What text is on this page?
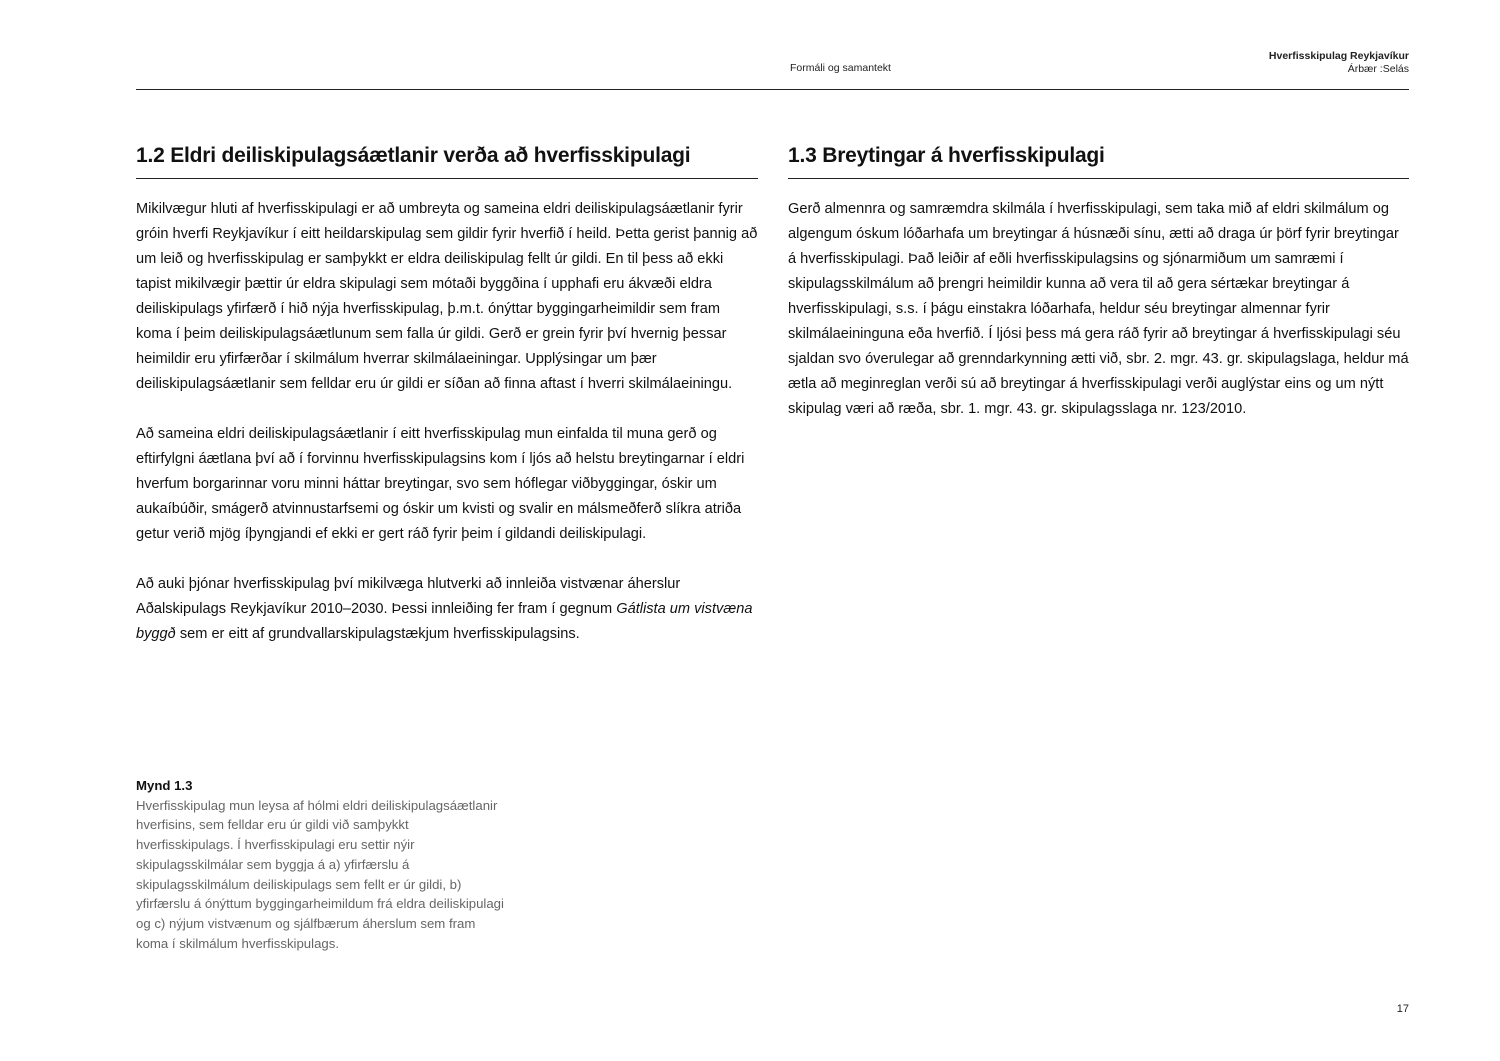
Formáli og samantekt
Hverfisskipulag Reykjavíkur
Árbær :Selás
1.2 Eldri deiliskipulagsáætlanir verða að hverfisskipulagi

Mikilvægur hluti af hverfisskipulagi er að umbreyta og sameina eldri deiliskipulagsáætlanir fyrir gróin hverfi Reykjavíkur í eitt heildarskipulag sem gildir fyrir hverfið í heild. Þetta gerist þannig að um leið og hverfisskipulag er samþykkt er eldra deiliskipulag fellt úr gildi. En til þess að ekki tapist mikilvægir þættir úr eldra skipulagi sem mótaði byggðina í upphafi eru ákvæði eldra deiliskipulags yfirfærð í hið nýja hverfisskipulag, þ.m.t. ónýttar byggingarheimildir sem fram koma í þeim deiliskipulagsáætlunum sem falla úr gildi. Gerð er grein fyrir því hvernig þessar heimildir eru yfirfærðar í skilmálum hverrar skilmálaeiningar. Upplýsingar um þær deiliskipulagsáætlanir sem felldar eru úr gildi er síðan að finna aftast í hverri skilmálaeiningu.

Að sameina eldri deiliskipulagsáætlanir í eitt hverfisskipulag mun einfalda til muna gerð og eftirfylgni áætlana því að í forvinnu hverfisskipulagsins kom í ljós að helstu breytingarnar í eldri hverfum borgarinnar voru minni háttar breytingar, svo sem hóflegar viðbyggingar, óskir um aukaíbúðir, smágerð atvinnustarfsemi og óskir um kvisti og svalir en málsmeðferð slíkra atriða getur verið mjög íþyngjandi ef ekki er gert ráð fyrir þeim í gildandi deiliskipulagi.

Að auki þjónar hverfisskipulag því mikilvæga hlutverki að innleiða vistvænar áherslur Aðalskipulags Reykjavíkur 2010–2030. Þessi innleiðing fer fram í gegnum Gátlista um vistvæna byggð sem er eitt af grundvallarskipulagstækjum hverfisskipulagsins.

1.3 Breytingar á hverfisskipulagi

Gerð almennra og samræmdra skilmála í hverfisskipulagi, sem taka mið af eldri skilmálum og algengum óskum lóðarhafa um breytingar á húsnæði sínu, ætti að draga úr þörf fyrir breytingar á hverfisskipulagi. Það leiðir af eðli hverfisskipulagsins og sjónarmiðum um samræmi í skipulagsskilmálum að þrengri heimildir kunna að vera til að gera sértækar breytingar á hverfisskipulagi, s.s. í þágu einstakra lóðarhafa, heldur séu breytingar almennar fyrir skilmálaeininguna eða hverfið. Í ljósi þess má gera ráð fyrir að breytingar á hverfisskipulagi séu sjaldan svo óverulegar að grenndarkynning ætti við, sbr. 2. mgr. 43. gr. skipulagslaga, heldur má ætla að meginreglan verði sú að breytingar á hverfisskipulagi verði auglýstar eins og um nýtt skipulag væri að ræða, sbr. 1. mgr. 43. gr. skipulagsslaga nr. 123/2010.

Mynd 1.3
Hverfisskipulag mun leysa af hólmi eldri deiliskipulagsáætlanir hverfisins, sem felldar eru úr gildi við samþykkt hverfisskipulags. Í hverfisskipulagi eru settir nýir skipulagsskilmálar sem byggja á a) yfirfærslu á skipulagsskilmálum deiliskipulags sem fellt er úr gildi, b) yfirfærslu á ónýttum byggingarheimildum frá eldra deiliskipulagi og c) nýjum vistvænum og sjálfbærum áherslum sem fram koma í skilmálum hverfisskipulags.
17
